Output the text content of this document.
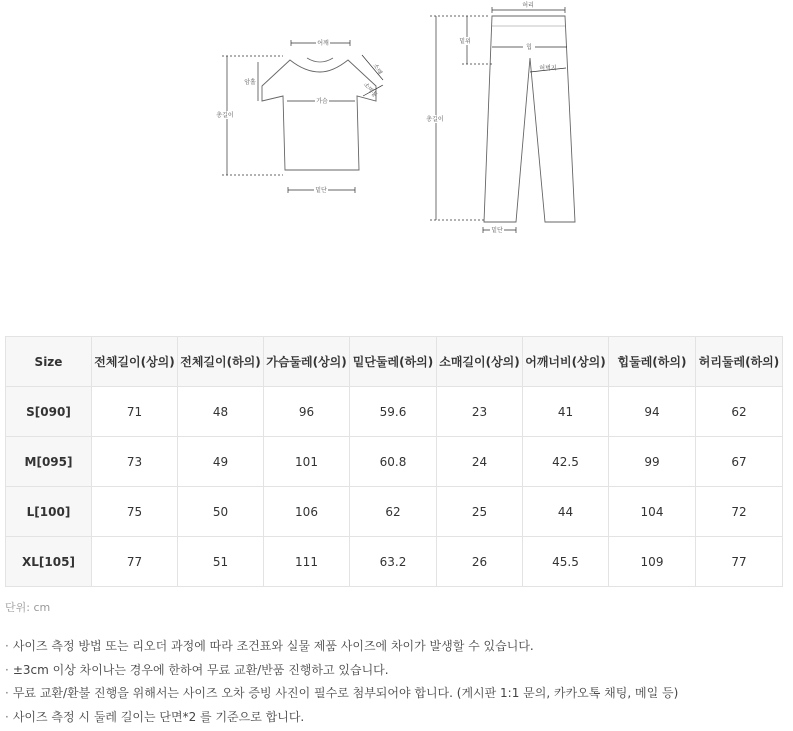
어깨
소매
암홀	소매통
가슴
총길이
밑단
허리
밑위
힙
허벅지
총길이
밑단
Size	전체길이(상의)	전체길이(하의)	가슴둘레(상의)	밑단둘레(하의)	소매길이(상의)	어깨너비(상의)	힙둘레(하의)	허리둘레(하의)
S[090]	71	48	96	59.6	23	41	94	62
M[095]	73	49	101	60.8	24	42.5	99	67
L[100]	75	50	106	62	25	44	104	72
XL[105]	77	51	111	63.2	26	45.5	109	77
단위: cm
· 사이즈 측정 방법 또는 리오더 과정에 따라 조건표와 실물 제품 사이즈에 차이가 발생할 수 있습니다.
· ±3cm 이상 차이나는 경우에 한하여 무료 교환/반품 진행하고 있습니다.
· 무료 교환/환불 진행을 위해서는 사이즈 오차 증빙 사진이 필수로 첨부되어야 합니다. (게시판 1:1 문의, 카카오톡 채팅, 메일 등)
· 사이즈 측정 시 둘레 길이는 단면*2 를 기준으로 합니다.
